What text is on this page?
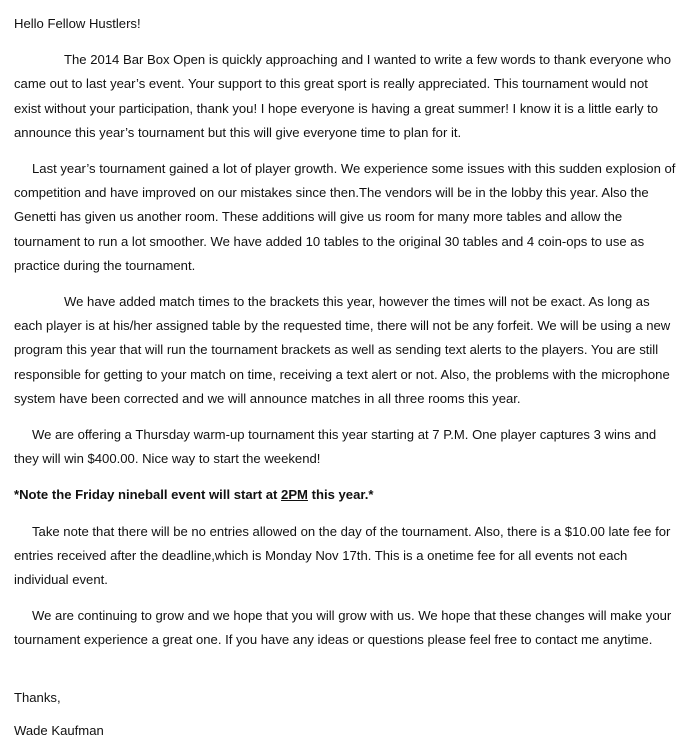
Hello Fellow Hustlers!

The 2014 Bar Box Open is quickly approaching and I wanted to write a few words to thank everyone who came out to last year’s event. Your support to this great sport is really appreciated. This tournament would not exist without your participation, thank you! I hope everyone is having a great summer! I know it is a little early to announce this year’s tournament but this will give everyone time to plan for it.

Last year’s tournament gained a lot of player growth. We experience some issues with this sudden explosion of competition and have improved on our mistakes since then.The vendors will be in the lobby this year. Also the Genetti has given us another room. These additions will give us room for many more tables and allow the tournament to run a lot smoother. We have added 10 tables to the original 30 tables and 4 coin-ops to use as practice during the tournament.

We have added match times to the brackets this year, however the times will not be exact. As long as each player is at his/her assigned table by the requested time, there will not be any forfeit. We will be using a new program this year that will run the tournament brackets as well as sending text alerts to the players. You are still responsible for getting to your match on time, receiving a text alert or not. Also, the problems with the microphone system have been corrected and we will announce matches in all three rooms this year.

We are offering a Thursday warm-up tournament this year starting at 7 P.M. One player captures 3 wins and they will win $400.00. Nice way to start the weekend!

*Note the Friday nineball event will start at 2PM this year.*

Take note that there will be no entries allowed on the day of the tournament. Also, there is a $10.00 late fee for entries received after the deadline,which is Monday Nov 17th. This is a onetime fee for all events not each individual event.

We are continuing to grow and we hope that you will grow with us. We hope that these changes will make your tournament experience a great one. If you have any ideas or questions please feel free to contact me anytime.

Thanks,

Wade Kaufman
